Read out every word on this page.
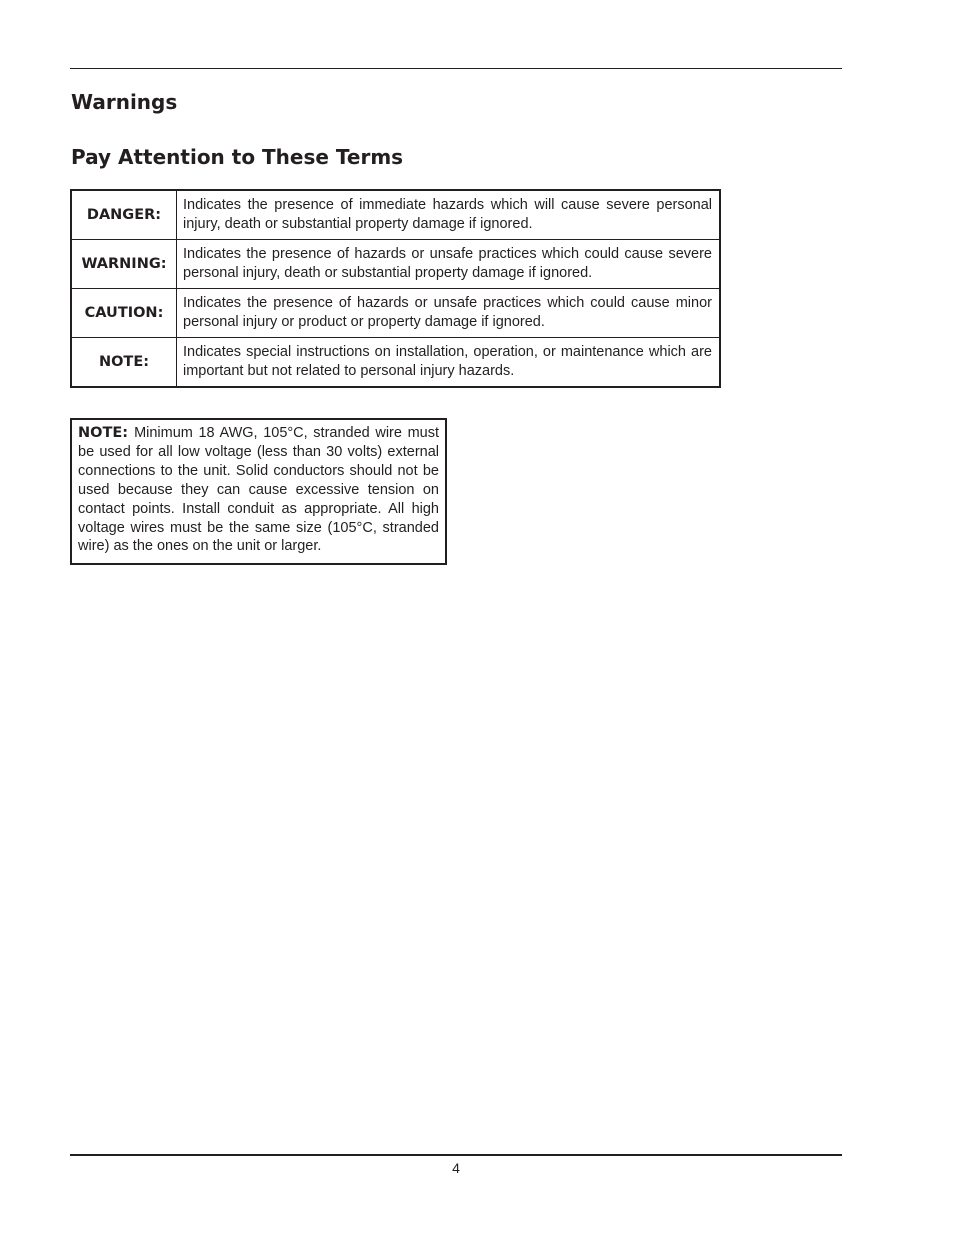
Warnings
Pay Attention to These Terms
DANGER:	Indicates the presence of immediate hazards which will cause severe personal injury, death or substantial property damage if ignored.
WARNING:	Indicates the presence of hazards or unsafe practices which could cause severe personal injury, death or substantial property damage if ignored.
CAUTION:	Indicates the presence of hazards or unsafe practices which could cause minor personal injury or product or property damage if ignored.
NOTE:	Indicates special instructions on installation, operation, or maintenance which are important but not related to personal injury hazards.
NOTE: Minimum 18 AWG, 105°C, stranded wire must be used for all low voltage (less than 30 volts) external connections to the unit. Solid conductors should not be used because they can cause excessive tension on contact points. Install conduit as appropriate. All high voltage wires must be the same size (105°C, stranded wire) as the ones on the unit or larger.
4
